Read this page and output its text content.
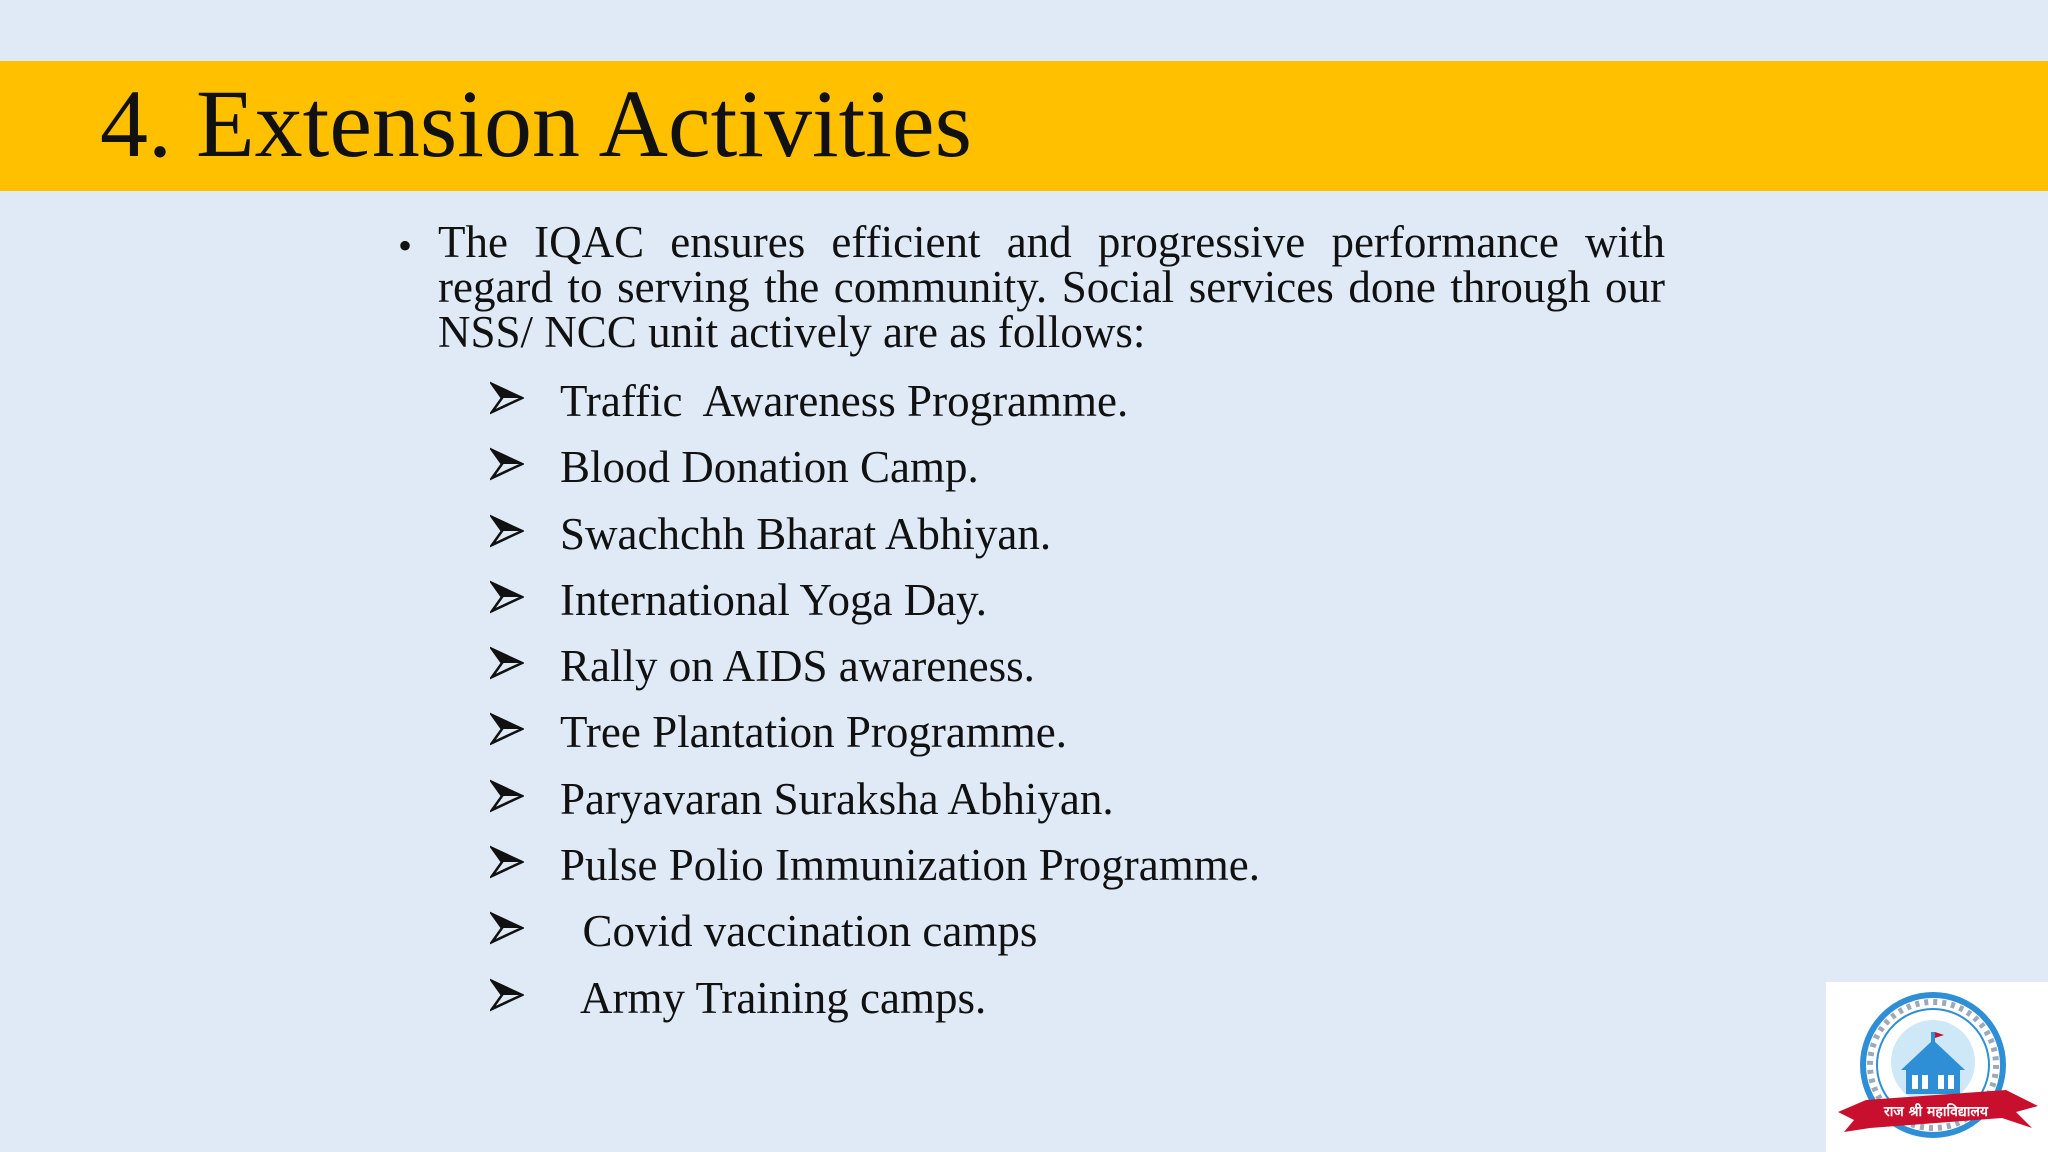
4. Extension Activities
• The IQAC ensures efficient and progressive performance with regard to serving the community. Social services done through our NSS/ NCC unit actively are as follows:

Traffic  Awareness Programme.
Blood Donation Camp.
Swachchh Bharat Abhiyan.
International Yoga Day.
Rally on AIDS awareness.
Tree Plantation Programme.
Paryavaran Suraksha Abhiyan.
Pulse Polio Immunization Programme.
Covid vaccination camps
Army Training camps.
राज श्री महाविद्यालय
